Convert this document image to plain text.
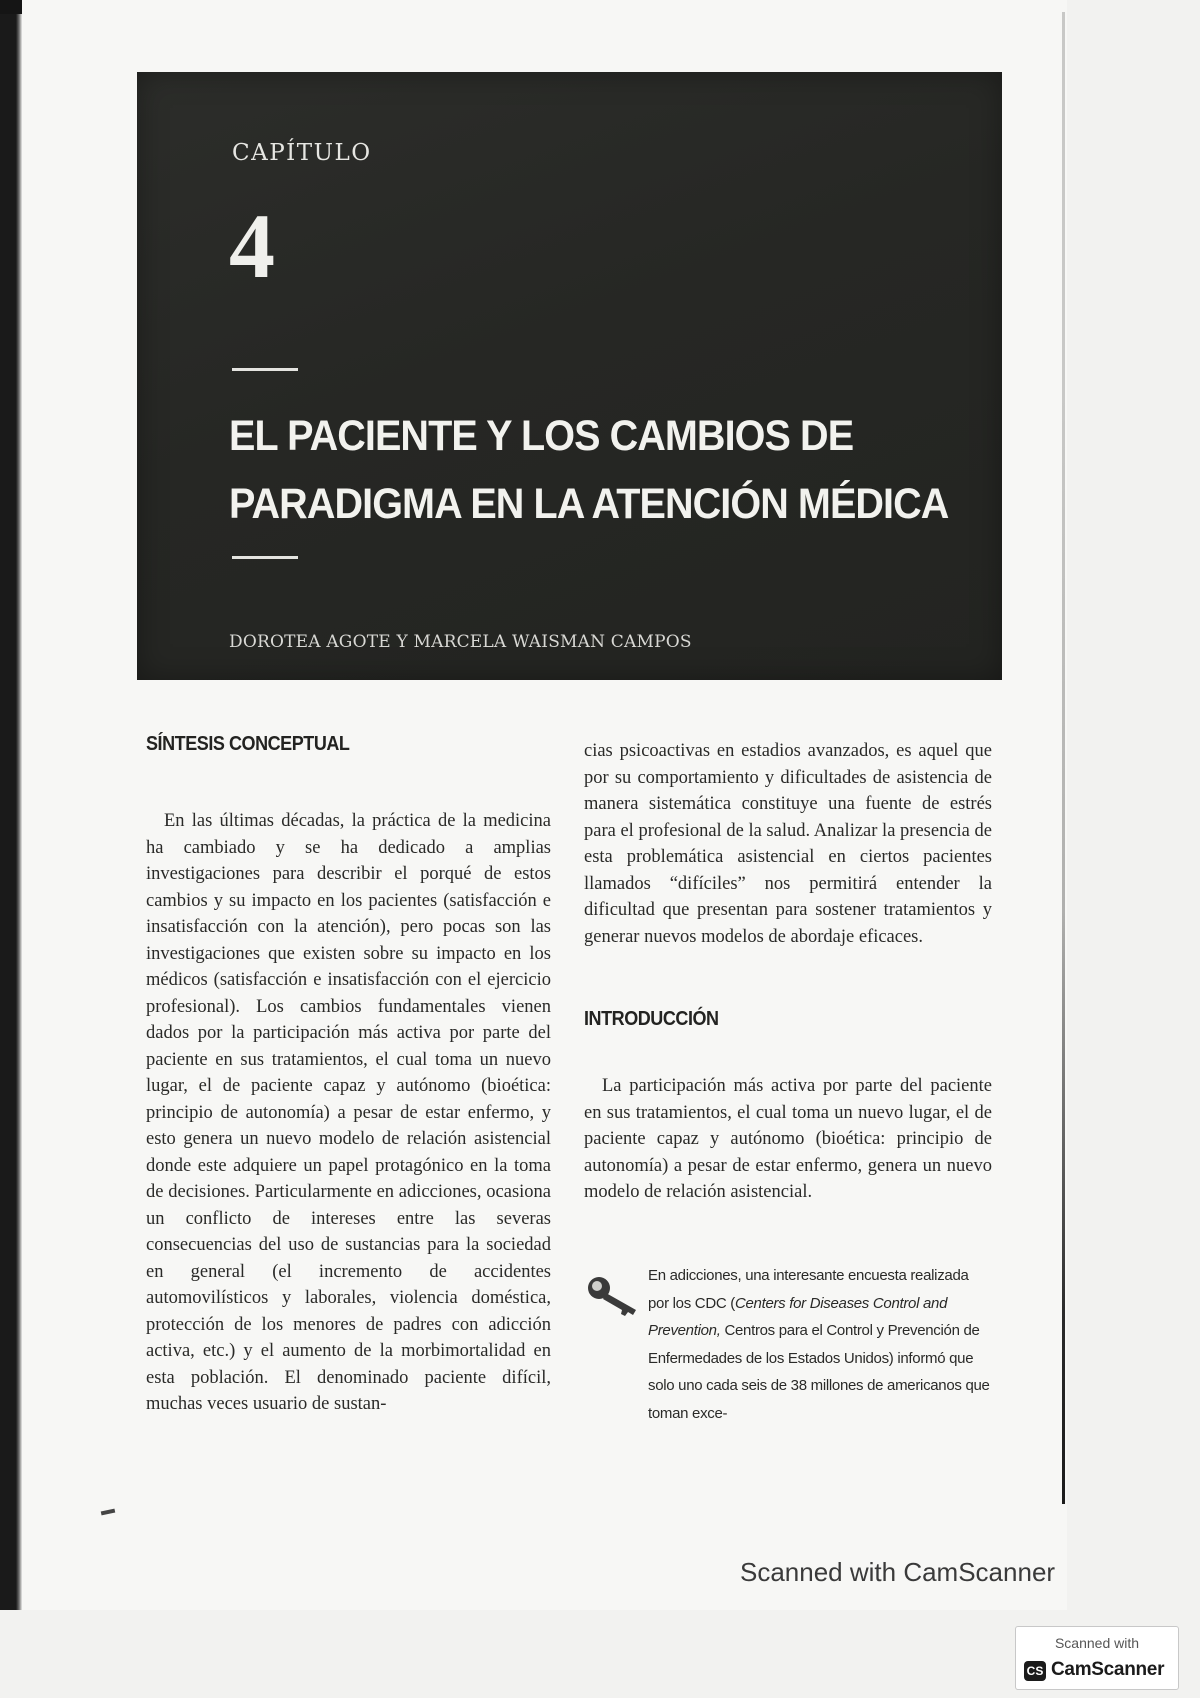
CAPÍTULO
4
EL PACIENTE Y LOS CAMBIOS DE
PARADIGMA EN LA ATENCIÓN MÉDICA
DOROTEA AGOTE Y MARCELA WAISMAN CAMPOS
SÍNTESIS CONCEPTUAL

En las últimas décadas, la práctica de la medicina ha cambiado y se ha dedicado a amplias investigaciones para describir el porqué de estos cambios y su impacto en los pacientes (satisfacción e insatisfacción con la atención), pero pocas son las investigaciones que existen sobre su impacto en los médicos (satisfacción e insatisfacción con el ejercicio profesional). Los cambios fundamentales vienen dados por la participación más activa por parte del paciente en sus tratamientos, el cual toma un nuevo lugar, el de paciente capaz y autónomo (bioética: principio de autonomía) a pesar de estar enfermo, y esto genera un nuevo modelo de relación asistencial donde este adquiere un papel protagónico en la toma de decisiones. Particularmente en adicciones, ocasiona un conflicto de intereses entre las severas consecuencias del uso de sustancias para la sociedad en general (el incremento de accidentes automovilísticos y laborales, violencia doméstica, protección de los menores de padres con adicción activa, etc.) y el aumento de la morbimortalidad en esta población. El denominado paciente difícil, muchas veces usuario de sustan-

cias psicoactivas en estadios avanzados, es aquel que por su comportamiento y dificultades de asistencia de manera sistemática constituye una fuente de estrés para el profesional de la salud. Analizar la presencia de esta problemática asistencial en ciertos pacientes llamados “difíciles” nos permitirá entender la dificultad que presentan para sostener tratamientos y generar nuevos modelos de abordaje eficaces.

INTRODUCCIÓN

La participación más activa por parte del paciente en sus tratamientos, el cual toma un nuevo lugar, el de paciente capaz y autónomo (bioética: principio de autonomía) a pesar de estar enfermo, genera un nuevo modelo de relación asistencial.

En adicciones, una interesante encuesta realizada por los CDC (Centers for Diseases Control and Prevention, Centros para el Control y Prevención de Enfermedades de los Estados Unidos) informó que solo uno cada seis de 38 millones de americanos que toman exce-
Scanned with CamScanner
Scanned with
CS CamScanner
